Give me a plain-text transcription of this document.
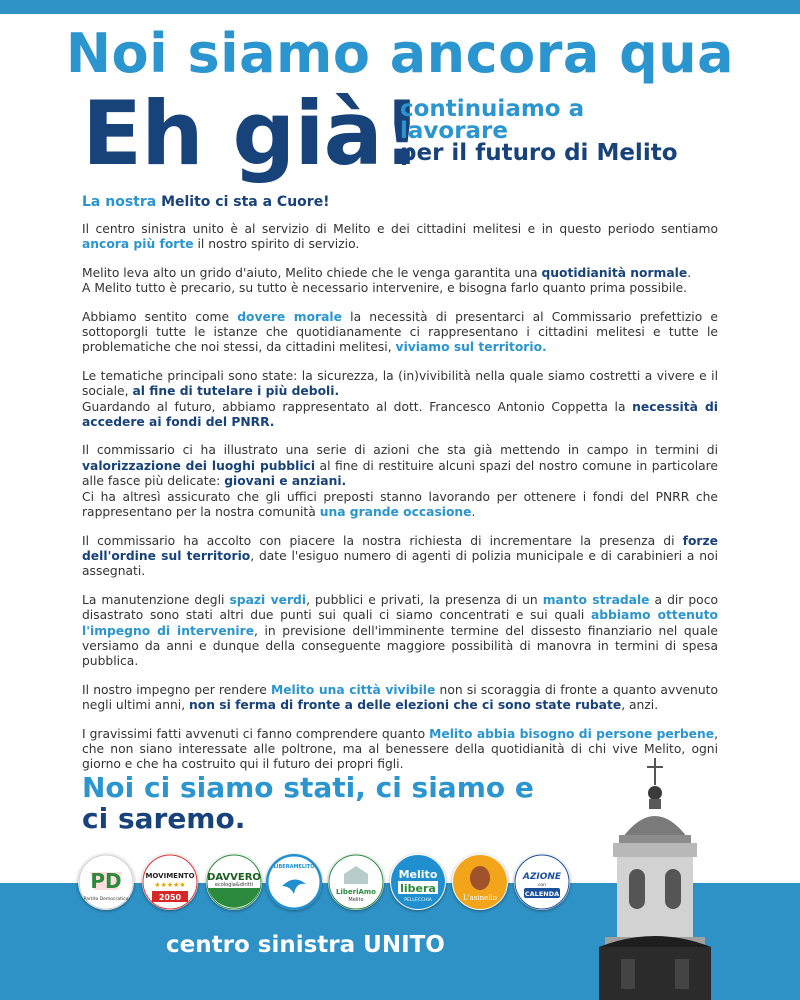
Noi siamo ancora qua
Eh già!
continuiamo a
lavorare
per il futuro di Melito
La nostra Melito ci sta a Cuore!

Il centro sinistra unito è al servizio di Melito e dei cittadini melitesi e in questo periodo sentiamo ancora più forte il nostro spirito di servizio.

Melito leva alto un grido d'aiuto, Melito chiede che le venga garantita una quotidianità normale.
A Melito tutto è precario, su tutto è necessario intervenire, e bisogna farlo quanto prima possibile.

Abbiamo sentito come dovere morale la necessità di presentarci al Commissario prefettizio e sottoporgli tutte le istanze che quotidianamente ci rappresentano i cittadini melitesi e tutte le problematiche che noi stessi, da cittadini melitesi, viviamo sul territorio.

Le tematiche principali sono state: la sicurezza, la (in)vivibilità nella quale siamo costretti a vivere e il sociale, al fine di tutelare i più deboli.
Guardando al futuro, abbiamo rappresentato al dott. Francesco Antonio Coppetta la necessità di accedere ai fondi del PNRR.

Il commissario ci ha illustrato una serie di azioni che sta già mettendo in campo in termini di valorizzazione dei luoghi pubblici al fine di restituire alcuni spazi del nostro comune in particolare alle fasce più delicate: giovani e anziani.
Ci ha altresì assicurato che gli uffici preposti stanno lavorando per ottenere i fondi del PNRR che rappresentano per la nostra comunità una grande occasione.

Il commissario ha accolto con piacere la nostra richiesta di incrementare la presenza di forze dell'ordine sul territorio, date l'esiguo numero di agenti di polizia municipale e di carabinieri a noi assegnati.

La manutenzione degli spazi verdi, pubblici e privati, la presenza di un manto stradale a dir poco disastrato sono stati altri due punti sui quali ci siamo concentrati e sui quali abbiamo ottenuto l'impegno di intervenire, in previsione dell'imminente termine del dissesto finanziario nel quale versiamo da anni e dunque della conseguente maggiore possibilità di manovra in termini di spesa pubblica.

Il nostro impegno per rendere Melito una città vivibile non si scoraggia di fronte a quanto avvenuto negli ultimi anni, non si ferma di fronte a delle elezioni che ci sono state rubate, anzi.

I gravissimi fatti avvenuti ci fanno comprendere quanto Melito abbia bisogno di persone perbene, che non siano interessate alle poltrone, ma al benessere della quotidianità di chi vive Melito, ogni giorno e che ha costruito qui il futuro dei propri figli.

Noi ci siamo stati, ci siamo e
ci saremo.
PD
Partito Democratico
MOVIMENTO
★★★★★
2050
DAVVERO
ecologia&diritti
LIBERAMELITO
LiberiAmo
Melito
Melito
libera
PELLECCHIA	L'asinello
AZIONE
con
CALENDA
centro sinistra UNITO
